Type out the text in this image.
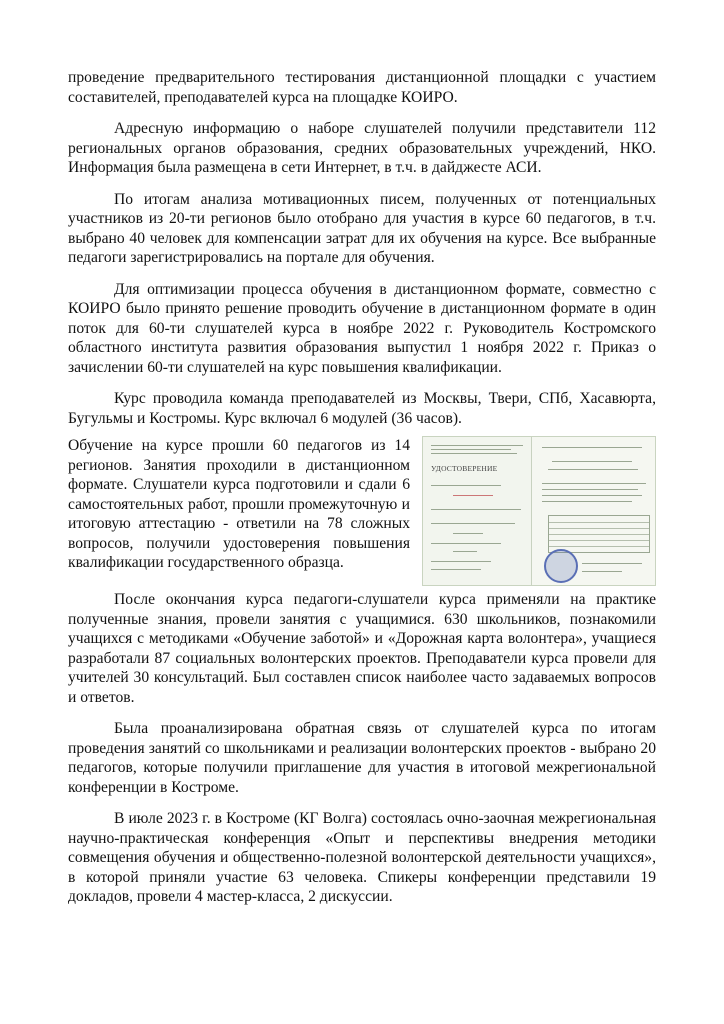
проведение предварительного тестирования дистанционной площадки с участием составителей, преподавателей курса на площадке КОИРО.

Адресную информацию о наборе слушателей получили представители 112 региональных органов образования, средних образовательных учреждений, НКО. Информация была размещена в сети Интернет, в т.ч. в дайджесте АСИ.

По итогам анализа мотивационных писем, полученных от потенциальных участников из 20-ти регионов было отобрано для участия в курсе 60 педагогов, в т.ч. выбрано 40 человек для компенсации затрат для их обучения на курсе. Все выбранные педагоги зарегистрировались на портале для обучения.

Для оптимизации процесса обучения в дистанционном формате, совместно с КОИРО было принято решение проводить обучение в дистанционном формате в один поток для 60-ти слушателей курса в ноябре 2022 г. Руководитель Костромского областного института развития образования выпустил 1 ноября 2022 г. Приказ о зачислении 60-ти слушателей на курс повышения квалификации.

Курс проводила команда преподавателей из Москвы, Твери, СПб, Хасавюрта, Бугульмы и Костромы. Курс включал 6 модулей (36 часов).

УДОСТОВЕРЕНИЕ

Обучение на курсе прошли 60 педагогов из 14 регионов. Занятия проходили в дистанционном формате. Слушатели курса подготовили и сдали 6 самостоятельных работ, прошли промежуточную и итоговую аттестацию - ответили на 78 сложных вопросов, получили удостоверения повышения квалификации государственного образца.

После окончания курса педагоги-слушатели курса применяли на практике полученные знания, провели занятия с учащимися. 630 школьников, познакомили учащихся с методиками «Обучение заботой» и «Дорожная карта волонтера», учащиеся разработали 87 социальных волонтерских проектов. Преподаватели курса провели для учителей 30 консультаций. Был составлен список наиболее часто задаваемых вопросов и ответов.

Была проанализирована обратная связь от слушателей курса по итогам проведения занятий со школьниками и реализации волонтерских проектов - выбрано 20 педагогов, которые получили приглашение для участия в итоговой межрегиональной конференции в Костроме.

В июле 2023 г. в Костроме (КГ Волга) состоялась очно-заочная межрегиональная научно-практическая конференция «Опыт и перспективы внедрения методики совмещения обучения и общественно-полезной волонтерской деятельности учащихся», в которой приняли участие 63 человека. Спикеры конференции представили 19 докладов, провели 4 мастер-класса, 2 дискуссии.
